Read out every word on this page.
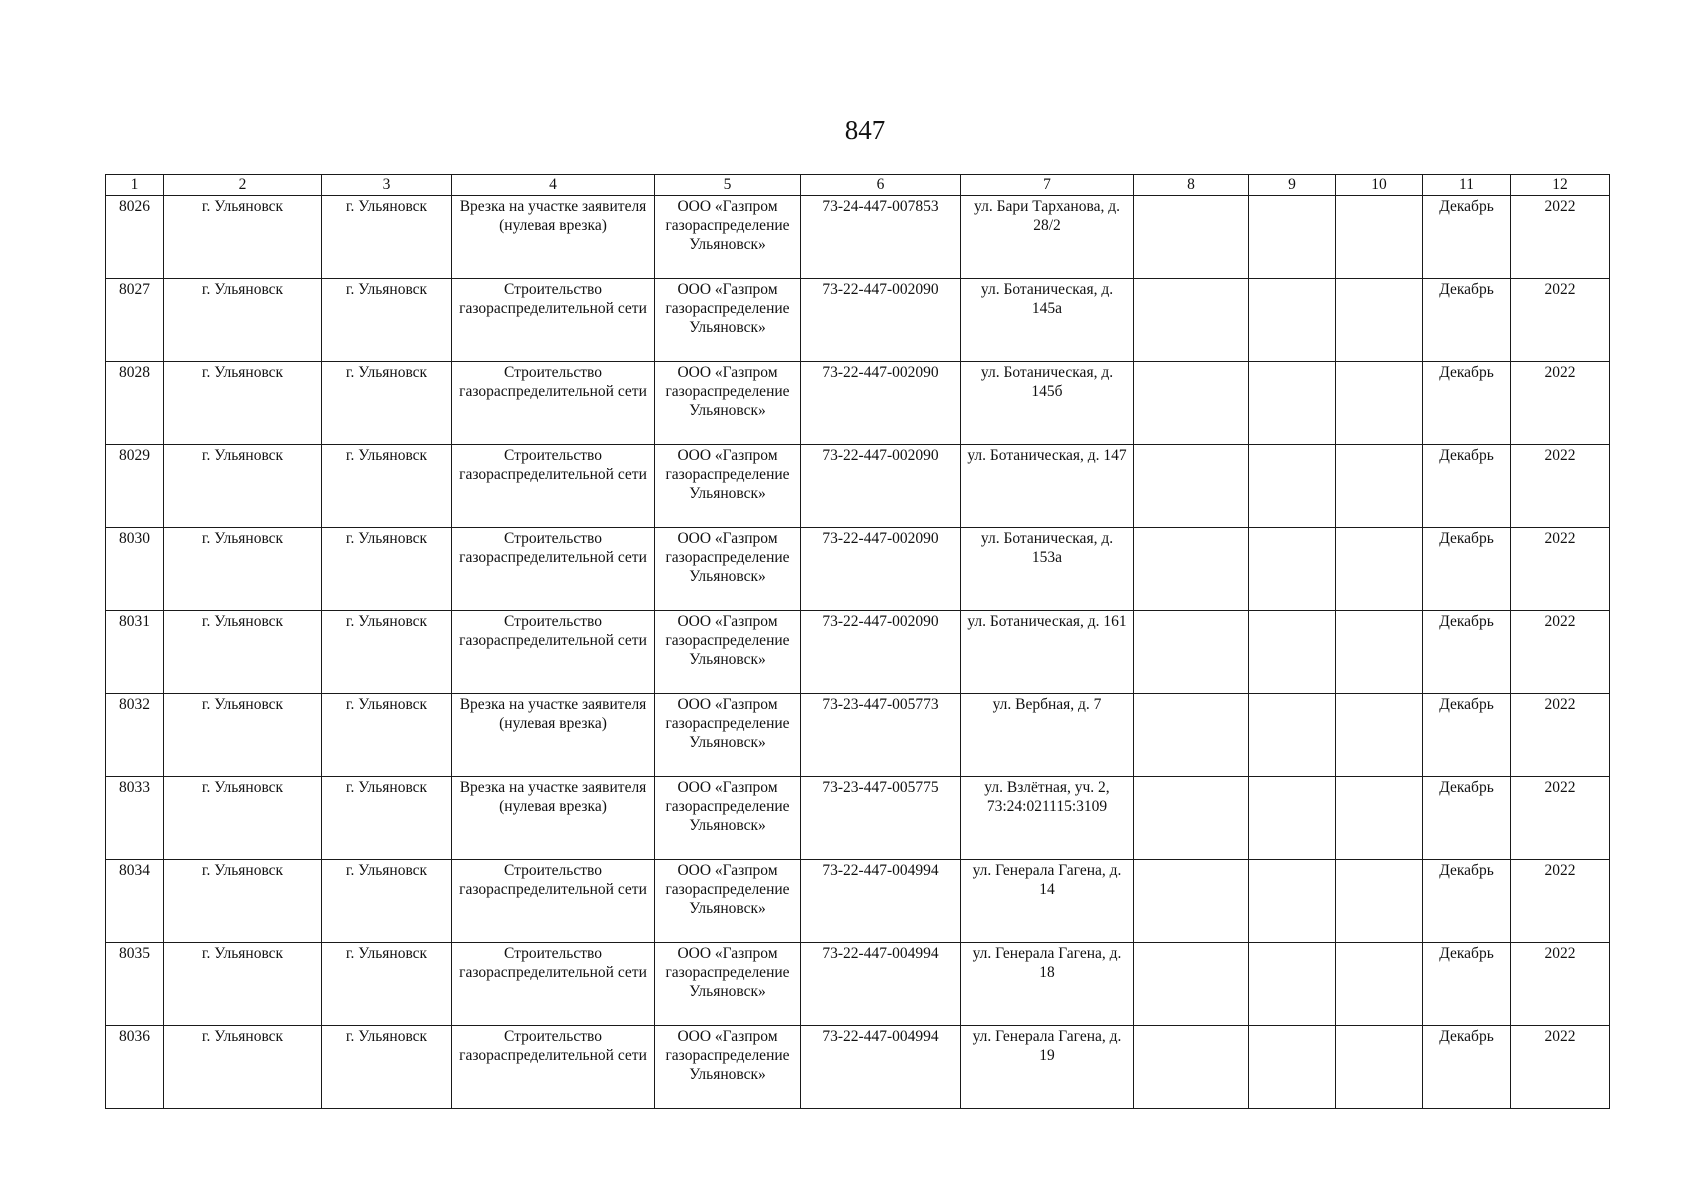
847
1	2	3	4	5	6	7	8	9	10	11	12
8026	г. Ульяновск	г. Ульяновск	Врезка на участке заявителя (нулевая врезка)	ООО «Газпром газораспределение Ульяновск»	73-24-447-007853	ул. Бари Тарханова, д. 28/2				Декабрь	2022
8027	г. Ульяновск	г. Ульяновск	Строительство газораспределительной сети	ООО «Газпром газораспределение Ульяновск»	73-22-447-002090	ул. Ботаническая, д. 145а				Декабрь	2022
8028	г. Ульяновск	г. Ульяновск	Строительство газораспределительной сети	ООО «Газпром газораспределение Ульяновск»	73-22-447-002090	ул. Ботаническая, д. 145б				Декабрь	2022
8029	г. Ульяновск	г. Ульяновск	Строительство газораспределительной сети	ООО «Газпром газораспределение Ульяновск»	73-22-447-002090	ул. Ботаническая, д. 147				Декабрь	2022
8030	г. Ульяновск	г. Ульяновск	Строительство газораспределительной сети	ООО «Газпром газораспределение Ульяновск»	73-22-447-002090	ул. Ботаническая, д. 153а				Декабрь	2022
8031	г. Ульяновск	г. Ульяновск	Строительство газораспределительной сети	ООО «Газпром газораспределение Ульяновск»	73-22-447-002090	ул. Ботаническая, д. 161				Декабрь	2022
8032	г. Ульяновск	г. Ульяновск	Врезка на участке заявителя (нулевая врезка)	ООО «Газпром газораспределение Ульяновск»	73-23-447-005773	ул. Вербная, д. 7				Декабрь	2022
8033	г. Ульяновск	г. Ульяновск	Врезка на участке заявителя (нулевая врезка)	ООО «Газпром газораспределение Ульяновск»	73-23-447-005775	ул. Взлётная, уч. 2, 73:24:021115:3109				Декабрь	2022
8034	г. Ульяновск	г. Ульяновск	Строительство газораспределительной сети	ООО «Газпром газораспределение Ульяновск»	73-22-447-004994	ул. Генерала Гагена, д. 14				Декабрь	2022
8035	г. Ульяновск	г. Ульяновск	Строительство газораспределительной сети	ООО «Газпром газораспределение Ульяновск»	73-22-447-004994	ул. Генерала Гагена, д. 18				Декабрь	2022
8036	г. Ульяновск	г. Ульяновск	Строительство газораспределительной сети	ООО «Газпром газораспределение Ульяновск»	73-22-447-004994	ул. Генерала Гагена, д. 19				Декабрь	2022
